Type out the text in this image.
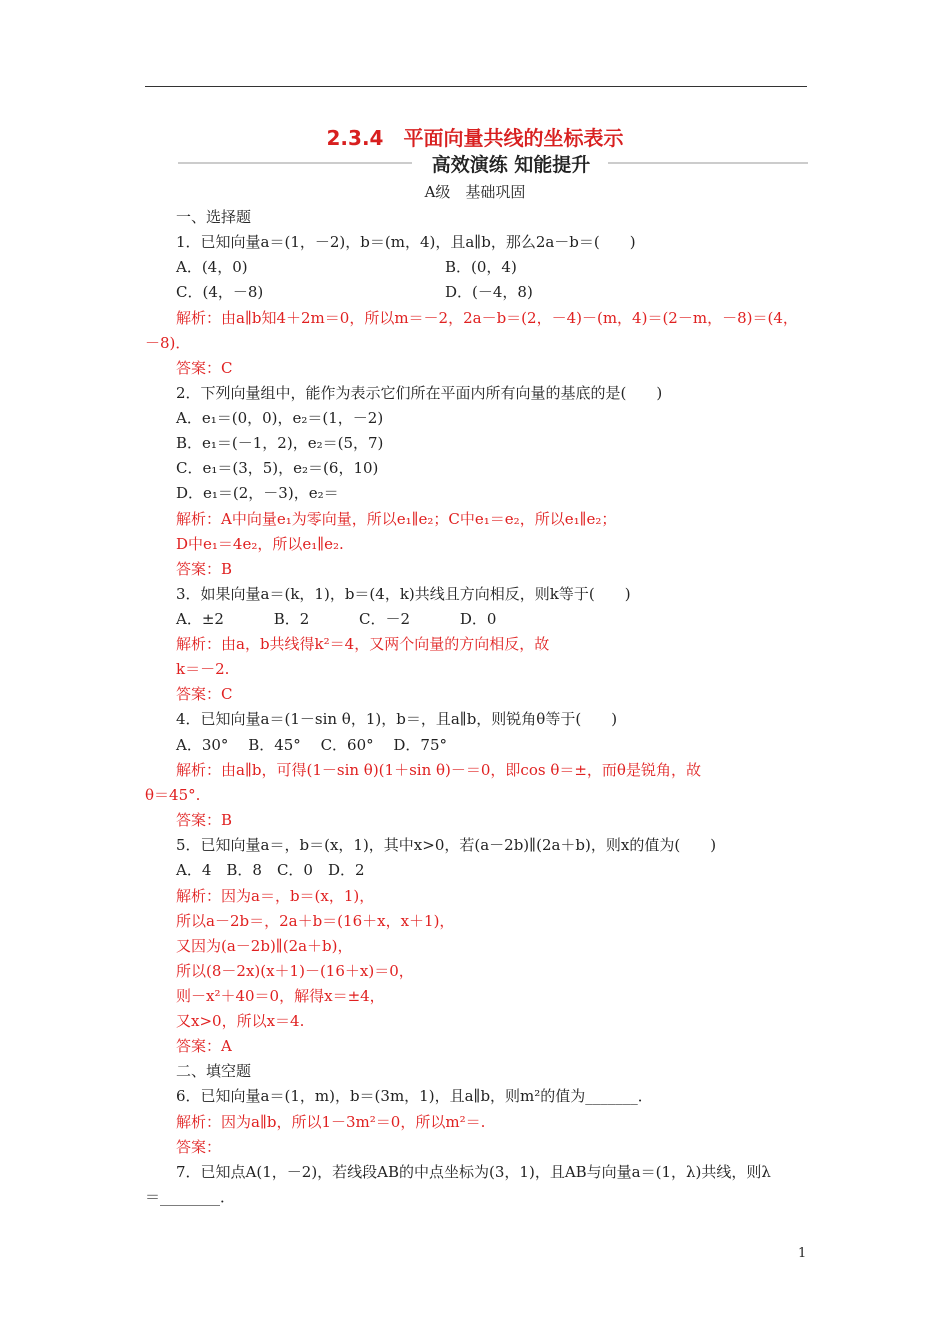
2.3.4　平面向量共线的坐标表示
高效演练 知能提升
A级　基础巩固
一、选择题
1．已知向量a＝(1，－2)，b＝(m，4)，且a∥b，那么2a－b＝(　　)
A．(4，0)	B．(0，4)
C．(4，－8)	D．(－4，8)
解析：由a∥b知4＋2m＝0，所以m＝－2，2a－b＝(2，－4)－(m，4)＝(2－m，－8)＝(4，
－8)．
答案：C
2．下列向量组中，能作为表示它们所在平面内所有向量的基底的是(　　)
A．e₁＝(0，0)，e₂＝(1，－2)
B．e₁＝(－1，2)，e₂＝(5，7)
C．e₁＝(3，5)，e₂＝(6，10)
D．e₁＝(2，－3)，e₂＝
解析：A中向量e₁为零向量，所以e₁∥e₂；C中e₁＝e₂，所以e₁∥e₂；
D中e₁＝4e₂，所以e₁∥e₂.
答案：B
3．如果向量a＝(k，1)，b＝(4，k)共线且方向相反，则k等于(　　)
A．±2　　　 B．2　　　 C．－2　　　 D．0
解析：由a，b共线得k²＝4，又两个向量的方向相反，故
k＝－2.
答案：C
4．已知向量a＝(1－sin θ，1)，b＝，且a∥b，则锐角θ等于(　　)
A．30°　 B．45°　 C．60°　 D．75°
解析：由a∥b，可得(1－sin θ)(1＋sin θ)－＝0，即cos θ＝±，而θ是锐角，故
θ＝45°.
答案：B
5．已知向量a＝，b＝(x，1)，其中x>0，若(a－2b)∥(2a＋b)，则x的值为(　　)
A．4　B．8　C．0　D．2
解析：因为a＝，b＝(x，1)，
所以a－2b＝，2a＋b＝(16＋x，x＋1)，
又因为(a－2b)∥(2a＋b)，
所以(8－2x)(x＋1)－(16＋x)＝0，
则－x²＋40＝0，解得x＝±4，
又x>0，所以x＝4.
答案：A
二、填空题
6．已知向量a＝(1，m)，b＝(3m，1)，且a∥b，则m²的值为_______．
解析：因为a∥b，所以1－3m²＝0，所以m²＝.
答案：
7．已知点A(1，－2)，若线段AB的中点坐标为(3，1)，且AB与向量a＝(1，λ)共线，则λ
＝________．
1
